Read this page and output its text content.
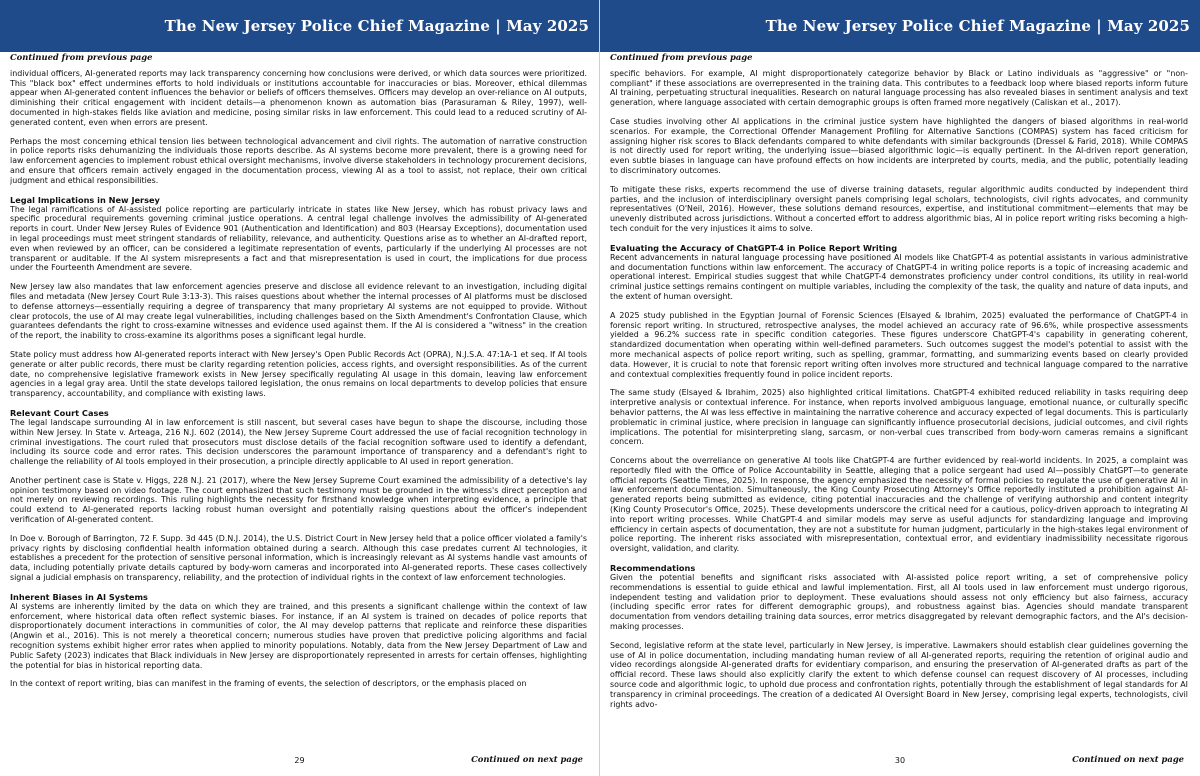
The New Jersey Police Chief Magazine | May 2025
Continued from previous page

individual officers, AI-generated reports may lack transparency concerning how conclusions were derived, or which data sources were prioritized. This "black box" effect undermines efforts to hold individuals or institutions accountable for inaccuracies or bias. Moreover, ethical dilemmas appear when AI-generated content influences the behavior or beliefs of officers themselves. Officers may develop an over-reliance on AI outputs, diminishing their critical engagement with incident details—a phenomenon known as automation bias (Parasuraman & Riley, 1997), well-documented in high-stakes fields like aviation and medicine, posing similar risks in law enforcement. This could lead to a reduced scrutiny of AI-generated content, even when errors are present.

Perhaps the most concerning ethical tension lies between technological advancement and civil rights. The automation of narrative construction in police reports risks dehumanizing the individuals those reports describe. As AI systems become more prevalent, there is a growing need for law enforcement agencies to implement robust ethical oversight mechanisms, involve diverse stakeholders in technology procurement decisions, and ensure that officers remain actively engaged in the documentation process, viewing AI as a tool to assist, not replace, their own critical judgment and ethical responsibilities.

Legal Implications in New Jersey

The legal ramifications of AI-assisted police reporting are particularly intricate in states like New Jersey, which has robust privacy laws and specific procedural requirements governing criminal justice operations. A central legal challenge involves the admissibility of AI-generated reports in court. Under New Jersey Rules of Evidence 901 (Authentication and Identification) and 803 (Hearsay Exceptions), documentation used in legal proceedings must meet stringent standards of reliability, relevance, and authenticity. Questions arise as to whether an AI-drafted report, even when reviewed by an officer, can be considered a legitimate representation of events, particularly if the underlying AI processes are not transparent or auditable. If the AI system misrepresents a fact and that misrepresentation is used in court, the implications for due process under the Fourteenth Amendment are severe.

New Jersey law also mandates that law enforcement agencies preserve and disclose all evidence relevant to an investigation, including digital files and metadata (New Jersey Court Rule 3:13-3). This raises questions about whether the internal processes of AI platforms must be disclosed to defense attorneys—essentially requiring a degree of transparency that many proprietary AI systems are not equipped to provide. Without clear protocols, the use of AI may create legal vulnerabilities, including challenges based on the Sixth Amendment's Confrontation Clause, which guarantees defendants the right to cross-examine witnesses and evidence used against them. If the AI is considered a "witness" in the creation of the report, the inability to cross-examine its algorithms poses a significant legal hurdle.

State policy must address how AI-generated reports interact with New Jersey's Open Public Records Act (OPRA), N.J.S.A. 47:1A-1 et seq. If AI tools generate or alter public records, there must be clarity regarding retention policies, access rights, and oversight responsibilities. As of the current date, no comprehensive legislative framework exists in New Jersey specifically regulating AI usage in this domain, leaving law enforcement agencies in a legal gray area. Until the state develops tailored legislation, the onus remains on local departments to develop policies that ensure transparency, accountability, and compliance with existing laws.

Relevant Court Cases

The legal landscape surrounding AI in law enforcement is still nascent, but several cases have begun to shape the discourse, including those within New Jersey. In State v. Arteaga, 216 N.J. 602 (2014), the New Jersey Supreme Court addressed the use of facial recognition technology in criminal investigations. The court ruled that prosecutors must disclose details of the facial recognition software used to identify a defendant, including its source code and error rates. This decision underscores the paramount importance of transparency and a defendant's right to challenge the reliability of AI tools employed in their prosecution, a principle directly applicable to AI used in report generation.

Another pertinent case is State v. Higgs, 228 N.J. 21 (2017), where the New Jersey Supreme Court examined the admissibility of a detective's lay opinion testimony based on video footage. The court emphasized that such testimony must be grounded in the witness's direct perception and not merely on reviewing recordings. This ruling highlights the necessity for firsthand knowledge when interpreting evidence, a principle that could extend to AI-generated reports lacking robust human oversight and potentially raising questions about the officer's independent verification of AI-generated content.

In Doe v. Borough of Barrington, 72 F. Supp. 3d 445 (D.N.J. 2014), the U.S. District Court in New Jersey held that a police officer violated a family's privacy rights by disclosing confidential health information obtained during a search. Although this case predates current AI technologies, it establishes a precedent for the protection of sensitive personal information, which is increasingly relevant as AI systems handle vast amounts of data, including potentially private details captured by body-worn cameras and incorporated into AI-generated reports. These cases collectively signal a judicial emphasis on transparency, reliability, and the protection of individual rights in the context of law enforcement technologies.

Inherent Biases in AI Systems

AI systems are inherently limited by the data on which they are trained, and this presents a significant challenge within the context of law enforcement, where historical data often reflect systemic biases. For instance, if an AI system is trained on decades of police reports that disproportionately document interactions in communities of color, the AI may develop patterns that replicate and reinforce these disparities (Angwin et al., 2016). This is not merely a theoretical concern; numerous studies have proven that predictive policing algorithms and facial recognition systems exhibit higher error rates when applied to minority populations. Notably, data from the New Jersey Department of Law and Public Safety (2023) indicates that Black individuals in New Jersey are disproportionately represented in arrests for certain offenses, highlighting the potential for bias in historical reporting data.

In the context of report writing, bias can manifest in the framing of events, the selection of descriptors, or the emphasis placed on

29	Continued on next page
The New Jersey Police Chief Magazine | May 2025
Continued from previous page

specific behaviors. For example, AI might disproportionately categorize behavior by Black or Latino individuals as "aggressive" or "non-compliant" if these associations are overrepresented in the training data. This contributes to a feedback loop where biased reports inform future AI training, perpetuating structural inequalities. Research on natural language processing has also revealed biases in sentiment analysis and text generation, where language associated with certain demographic groups is often framed more negatively (Caliskan et al., 2017).

Case studies involving other AI applications in the criminal justice system have highlighted the dangers of biased algorithms in real-world scenarios. For example, the Correctional Offender Management Profiling for Alternative Sanctions (COMPAS) system has faced criticism for assigning higher risk scores to Black defendants compared to white defendants with similar backgrounds (Dressel & Farid, 2018). While COMPAS is not directly used for report writing, the underlying issue—biased algorithmic logic—is equally pertinent. In the AI-driven report generation, even subtle biases in language can have profound effects on how incidents are interpreted by courts, media, and the public, potentially leading to discriminatory outcomes.

To mitigate these risks, experts recommend the use of diverse training datasets, regular algorithmic audits conducted by independent third parties, and the inclusion of interdisciplinary oversight panels comprising legal scholars, technologists, civil rights advocates, and community representatives (O'Neil, 2016). However, these solutions demand resources, expertise, and institutional commitment—elements that may be unevenly distributed across jurisdictions. Without a concerted effort to address algorithmic bias, AI in police report writing risks becoming a high-tech conduit for the very injustices it aims to solve.

Evaluating the Accuracy of ChatGPT-4 in Police Report Writing

Recent advancements in natural language processing have positioned AI models like ChatGPT-4 as potential assistants in various administrative and documentation functions within law enforcement. The accuracy of ChatGPT-4 in writing police reports is a topic of increasing academic and operational interest. Empirical studies suggest that while ChatGPT-4 demonstrates proficiency under control conditions, its utility in real-world criminal justice settings remains contingent on multiple variables, including the complexity of the task, the quality and nature of data inputs, and the extent of human oversight.

A 2025 study published in the Egyptian Journal of Forensic Sciences (Elsayed & Ibrahim, 2025) evaluated the performance of ChatGPT-4 in forensic report writing. In structured, retrospective analyses, the model achieved an accuracy rate of 96.6%, while prospective assessments yielded a 96.2% success rate in specific condition categories. These figures underscore ChatGPT-4's capability in generating coherent, standardized documentation when operating within well-defined parameters. Such outcomes suggest the model's potential to assist with the more mechanical aspects of police report writing, such as spelling, grammar, formatting, and summarizing events based on clearly provided data. However, it is crucial to note that forensic report writing often involves more structured and technical language compared to the narrative and contextual complexities frequently found in police incident reports.

The same study (Elsayed & Ibrahim, 2025) also highlighted critical limitations. ChatGPT-4 exhibited reduced reliability in tasks requiring deep interpretive analysis or contextual inference. For instance, when reports involved ambiguous language, emotional nuance, or culturally specific behavior patterns, the AI was less effective in maintaining the narrative coherence and accuracy expected of legal documents. This is particularly problematic in criminal justice, where precision in language can significantly influence prosecutorial decisions, judicial outcomes, and civil rights implications. The potential for misinterpreting slang, sarcasm, or non-verbal cues transcribed from body-worn cameras remains a significant concern.

Concerns about the overreliance on generative AI tools like ChatGPT-4 are further evidenced by real-world incidents. In 2025, a complaint was reportedly filed with the Office of Police Accountability in Seattle, alleging that a police sergeant had used AI—possibly ChatGPT—to generate official reports (Seattle Times, 2025). In response, the agency emphasized the necessity of formal policies to regulate the use of generative AI in law enforcement documentation. Simultaneously, the King County Prosecuting Attorney's Office reportedly instituted a prohibition against AI-generated reports being submitted as evidence, citing potential inaccuracies and the challenge of verifying authorship and content integrity (King County Prosecutor's Office, 2025). These developments underscore the critical need for a cautious, policy-driven approach to integrating AI into report writing processes. While ChatGPT-4 and similar models may serve as useful adjuncts for standardizing language and improving efficiency in certain aspects of documentation, they are not a substitute for human judgment, particularly in the high-stakes legal environment of police reporting. The inherent risks associated with misrepresentation, contextual error, and evidentiary inadmissibility necessitate rigorous oversight, validation, and clarity.

Recommendations

Given the potential benefits and significant risks associated with AI-assisted police report writing, a set of comprehensive policy recommendations is essential to guide ethical and lawful implementation. First, all AI tools used in law enforcement must undergo rigorous, independent testing and validation prior to deployment. These evaluations should assess not only efficiency but also fairness, accuracy (including specific error rates for different demographic groups), and robustness against bias. Agencies should mandate transparent documentation from vendors detailing training data sources, error metrics disaggregated by relevant demographic factors, and the AI's decision-making processes.

Second, legislative reform at the state level, particularly in New Jersey, is imperative. Lawmakers should establish clear guidelines governing the use of AI in police documentation, including mandating human review of all AI-generated reports, requiring the retention of original audio and video recordings alongside AI-generated drafts for evidentiary comparison, and ensuring the preservation of AI-generated drafts as part of the official record. These laws should also explicitly clarify the extent to which defense counsel can request discovery of AI processes, including source code and algorithmic logic, to uphold due process and confrontation rights, potentially through the establishment of legal standards for AI transparency in criminal proceedings. The creation of a dedicated AI Oversight Board in New Jersey, comprising legal experts, technologists, civil rights advo-

30	Continued on next page
